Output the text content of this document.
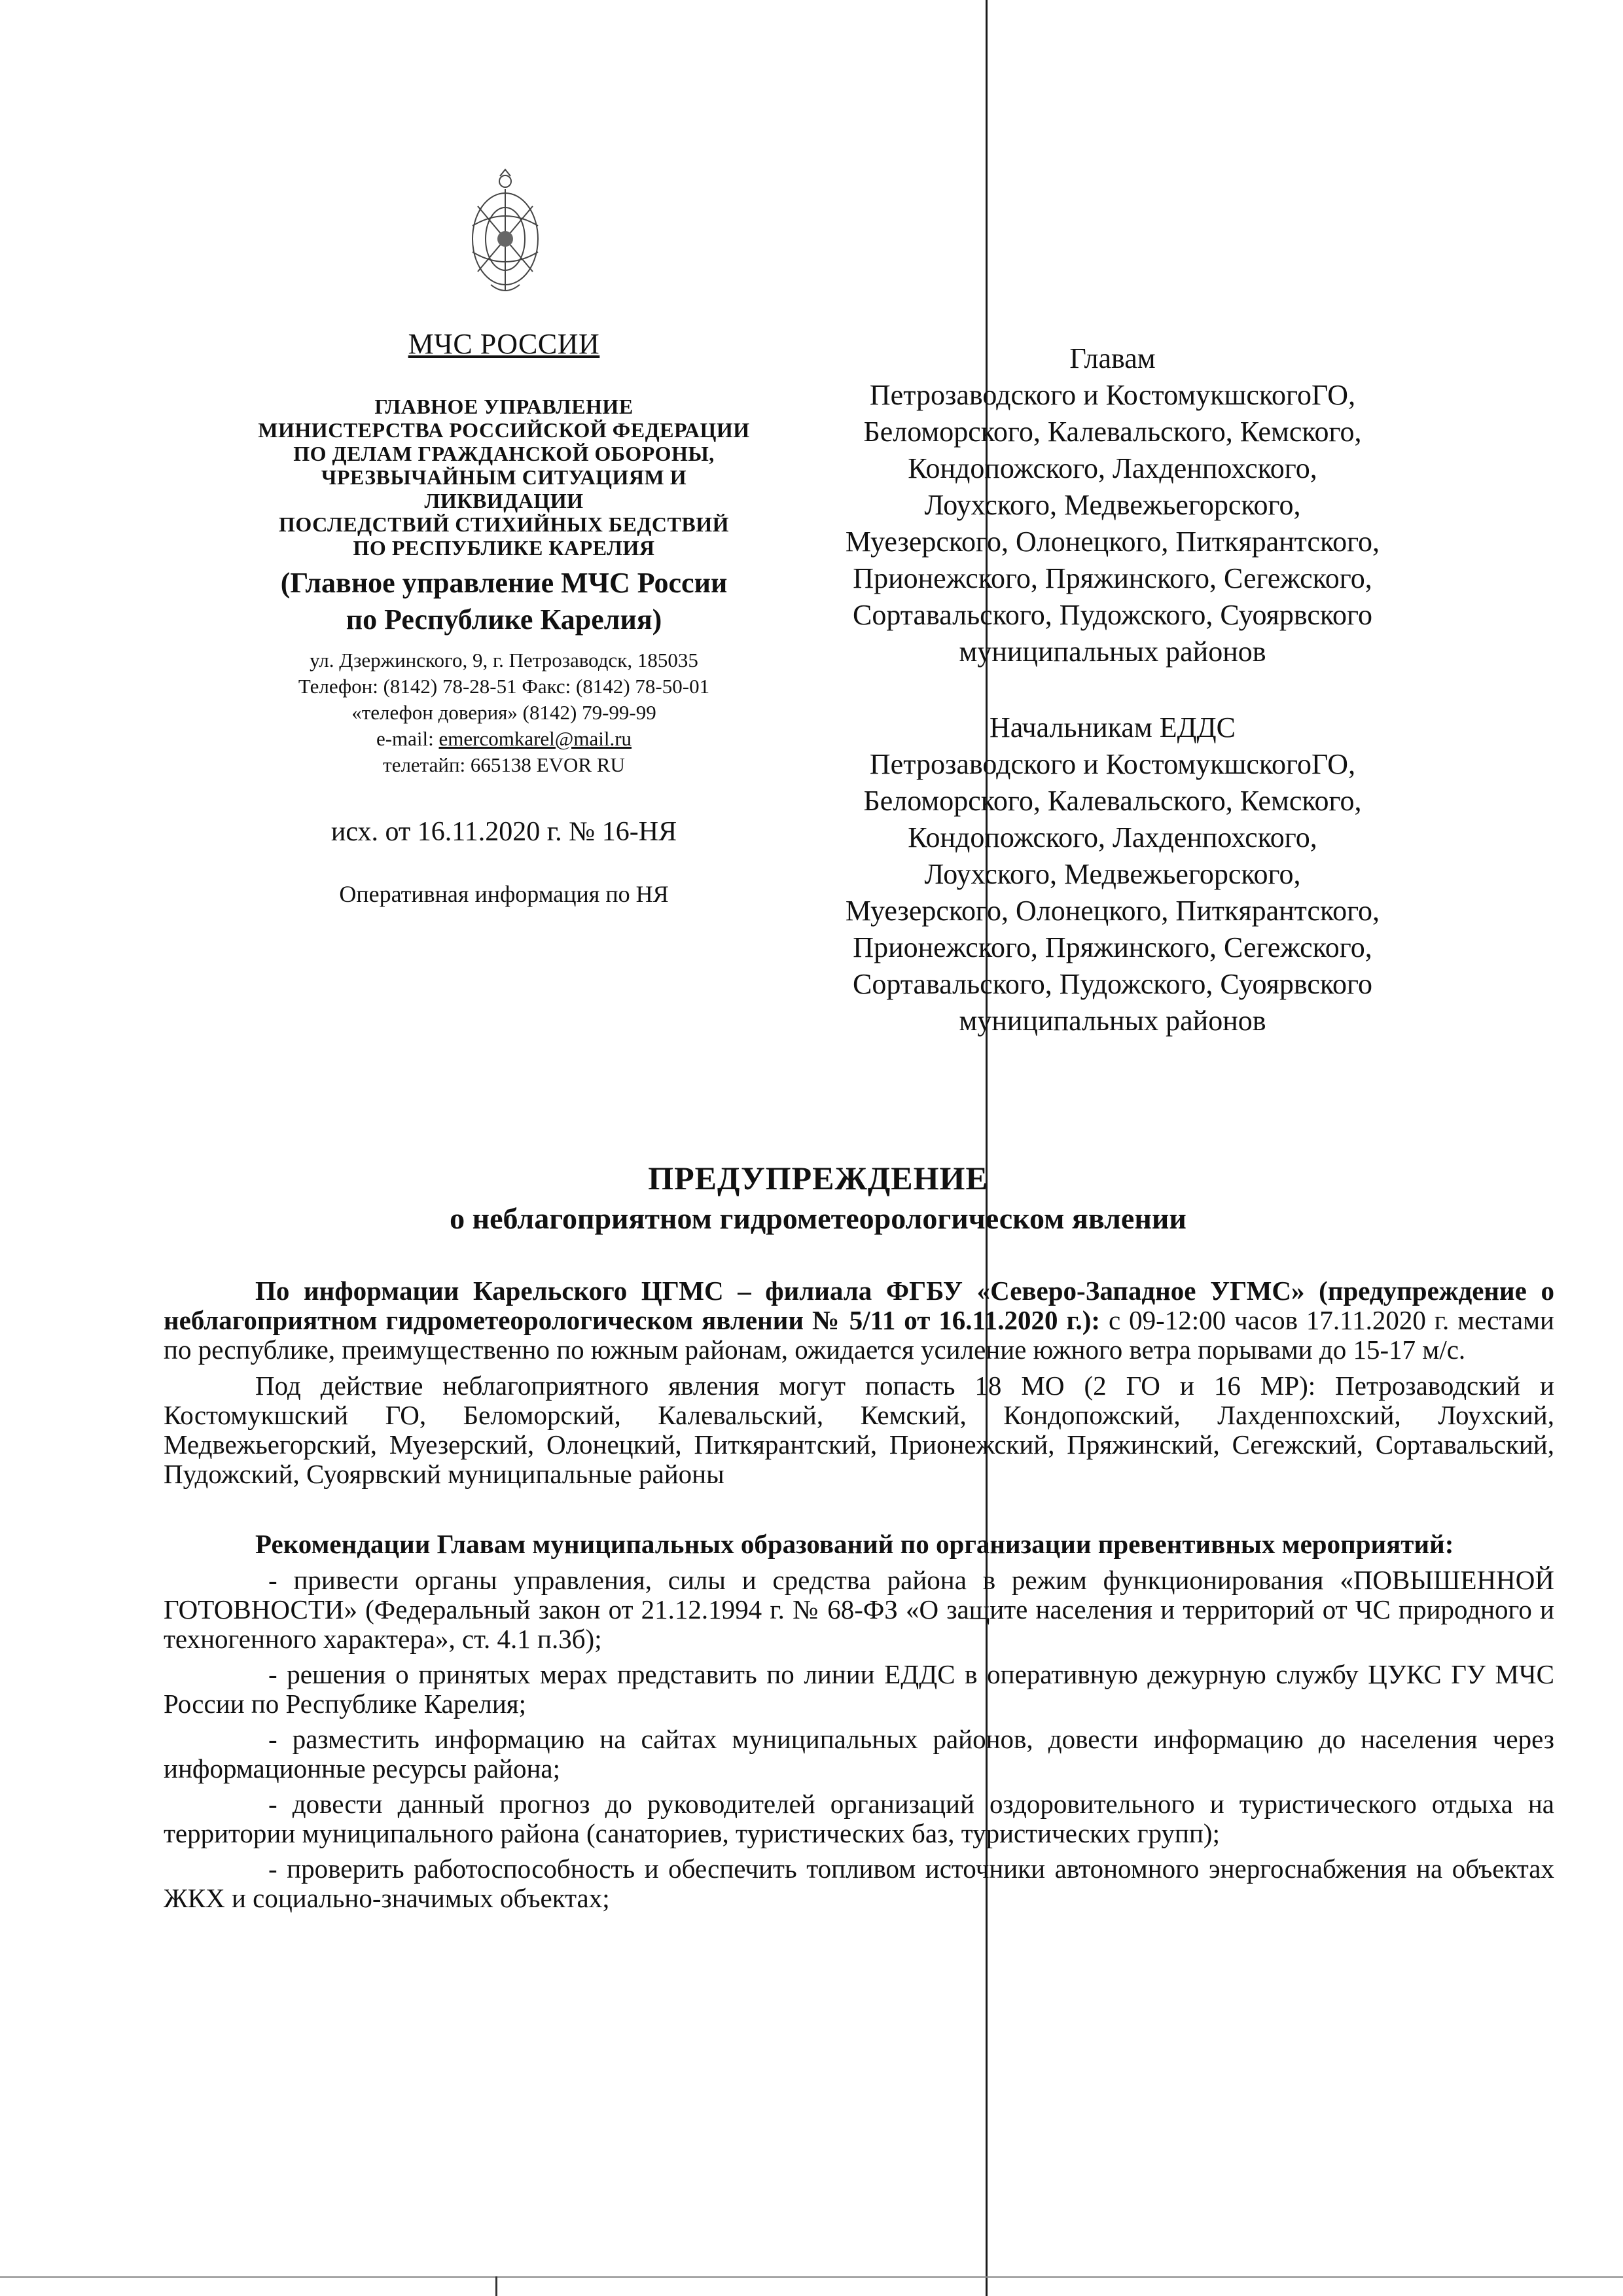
МЧС РОССИИ
ГЛАВНОЕ УПРАВЛЕНИЕ
МИНИСТЕРСТВА РОССИЙСКОЙ ФЕДЕРАЦИИ
ПО ДЕЛАМ ГРАЖДАНСКОЙ ОБОРОНЫ,
ЧРЕЗВЫЧАЙНЫМ СИТУАЦИЯМ И
ЛИКВИДАЦИИ
ПОСЛЕДСТВИЙ СТИХИЙНЫХ БЕДСТВИЙ
ПО РЕСПУБЛИКЕ КАРЕЛИЯ
(Главное управление МЧС России
по Республике Карелия)
ул. Дзержинского, 9, г. Петрозаводск, 185035
Телефон: (8142) 78-28-51 Факс: (8142) 78-50-01
«телефон доверия» (8142) 79-99-99
e-mail: emercomkarel@mail.ru
телетайп: 665138 EVOR RU
исх. от 16.11.2020 г. № 16-НЯ
Оперативная информация по НЯ
Главам
Петрозаводского и КостомукшскогоГО,
Беломорского, Калевальского, Кемского,
Кондопожского, Лахденпохского,
Лоухского, Медвежьегорского,
Муезерского, Олонецкого, Питкярантского,
Прионежского, Пряжинского, Сегежского,
Сортавальского, Пудожского, Суоярвского
муниципальных районов
Начальникам ЕДДС
Петрозаводского и КостомукшскогоГО,
Беломорского, Калевальского, Кемского,
Кондопожского, Лахденпохского,
Лоухского, Медвежьегорского,
Муезерского, Олонецкого, Питкярантского,
Прионежского, Пряжинского, Сегежского,
Сортавальского, Пудожского, Суоярвского
муниципальных районов
ПРЕДУПРЕЖДЕНИЕ
о неблагоприятном гидрометеорологическом явлении

По информации Карельского ЦГМС – филиала ФГБУ «Северо-Западное УГМС» (предупреждение о неблагоприятном гидрометеорологическом явлении № 5/11 от 16.11.2020 г.): с 09-12:00 часов 17.11.2020 г. местами по республике, преимущественно по южным районам, ожидается усиление южного ветра порывами до 15-17 м/с.

Под действие неблагоприятного явления могут попасть 18 МО (2 ГО и 16 МР): Петрозаводский и Костомукшский ГО, Беломорский, Калевальский, Кемский, Кондопожский, Лахденпохский, Лоухский, Медвежьегорский, Муезерский, Олонецкий, Питкярантский, Прионежский, Пряжинский, Сегежский, Сортавальский, Пудожский, Суоярвский муниципальные районы

Рекомендации Главам муниципальных образований по организации превентивных мероприятий:

- привести органы управления, силы и средства района в режим функционирования «ПОВЫШЕННОЙ ГОТОВНОСТИ» (Федеральный закон от 21.12.1994 г. № 68-ФЗ «О защите населения и территорий от ЧС природного и техногенного характера», ст. 4.1 п.3б);

- решения о принятых мерах представить по линии ЕДДС в оперативную дежурную службу ЦУКС ГУ МЧС России по Республике Карелия;

- разместить информацию на сайтах муниципальных районов, довести информацию до населения через информационные ресурсы района;

- довести данный прогноз до руководителей организаций оздоровительного и туристического отдыха на территории муниципального района (санаториев, туристических баз, туристических групп);

- проверить работоспособность и обеспечить топливом источники автономного энергоснабжения на объектах ЖКХ и социально-значимых объектах;
